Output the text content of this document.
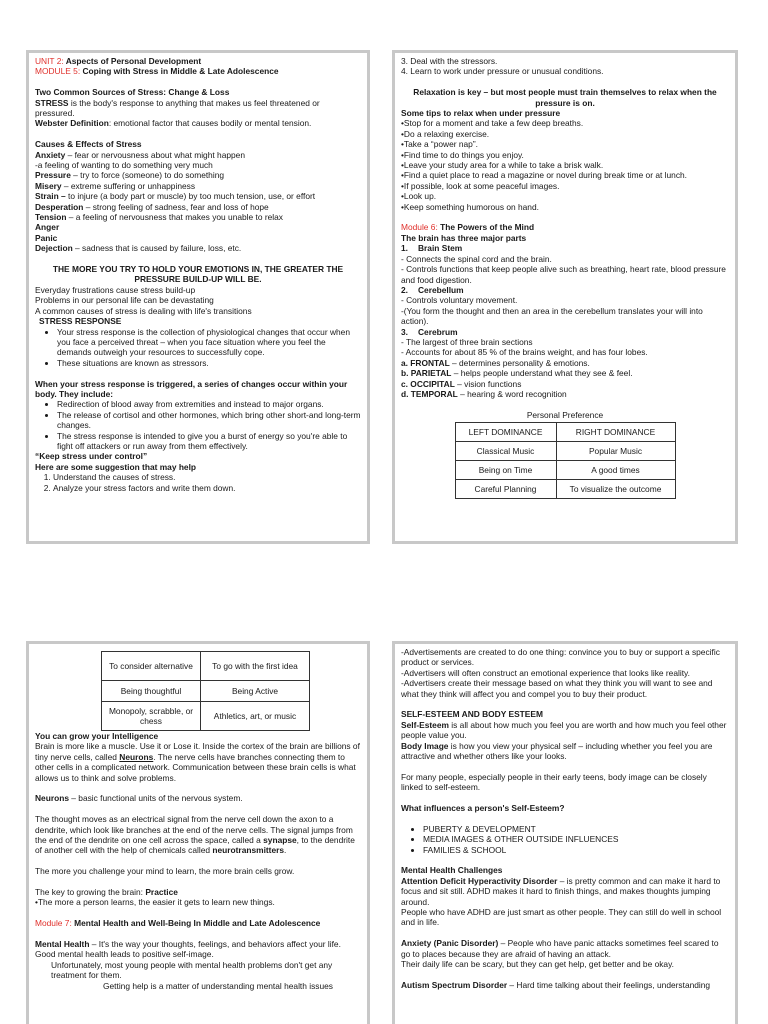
UNIT 2: Aspects of Personal Development

MODULE 5: Coping with Stress in Middle & Late Adolescence

Two Common Sources of Stress: Change & Loss

STRESS is the body's response to anything that makes us feel threatened or pressured.

Webster Definition: emotional factor that causes bodily or mental tension.

Causes & Effects of Stress

Anxiety – fear or nervousness about what might happen

-a feeling of wanting to do something very much

Pressure – try to force (someone) to do something

Misery – extreme suffering or unhappiness

Strain – to injure (a body part or muscle) by too much tension, use, or effort

Desperation – strong feeling of sadness, fear and loss of hope

Tension – a feeling of nervousness that makes you unable to relax

Anger

Panic

Dejection – sadness that is caused by failure, loss, etc.

THE MORE YOU TRY TO HOLD YOUR EMOTIONS IN, THE GREATER THE PRESSURE BUILD-UP WILL BE.

Everyday frustrations cause stress build-up

Problems in our personal life can be devastating

A common causes of stress is dealing with life's transitions

STRESS RESPONSE

• Your stress response is the collection of physiological changes that occur when you face a perceived threat – when you face situation where you feel the demands outweigh your resources to successfully cope.
• These situations are known as stressors.

When your stress response is triggered, a series of changes occur within your body. They include:

• Redirection of blood away from extremities and instead to major organs.
• The release of cortisol and other hormones, which bring other short-and long-term changes.
• The stress response is intended to give you a burst of energy so you're able to fight off attackers or run away from them effectively.

“Keep stress under control”

Here are some suggestion that may help

1. Understand the causes of stress.
2. Analyze your stress factors and write them down.

3. Deal with the stressors.

4. Learn to work under pressure or unusual conditions.

Relaxation is key – but most people must train themselves to relax when the pressure is on.

Some tips to relax when under pressure

•Stop for a moment and take a few deep breaths.

•Do a relaxing exercise.

•Take a “power nap”.

•Find time to do things you enjoy.

•Leave your study area for a while to take a brisk walk.

•Find a quiet place to read a magazine or novel during break time or at lunch.

•If possible, look at some peaceful images.

•Look up.

•Keep something humorous on hand.

Module 6: The Powers of the Mind

The brain has three major parts

1. Brain Stem

- Connects the spinal cord and the brain.

- Controls functions that keep people alive such as breathing, heart rate, blood pressure and food digestion.

2. Cerebellum

- Controls voluntary movement.

-(You form the thought and then an area in the cerebellum translates your will into action).

3. Cerebrum

- The largest of three brain sections

- Accounts for about 85 % of the brains weight, and has four lobes.

a. FRONTAL – determines personality & emotions.

b. PARIETAL – helps people understand what they see & feel.

c. OCCIPITAL – vision functions

d. TEMPORAL – hearing & word recognition

Personal Preference

LEFT DOMINANCE	RIGHT DOMINANCE
Classical Music	Popular Music
Being on Time	A good times
Careful Planning	To visualize the outcome
To consider alternative	To go with the first idea
Being thoughtful	Being Active
Monopoly, scrabble, or chess	Athletics, art, or music

You can grow your Intelligence

Brain is more like a muscle. Use it or Lose it. Inside the cortex of the brain are billions of tiny nerve cells, called Neurons. The nerve cells have branches connecting them to other cells in a complicated network. Communication between these brain cells is what allows us to think and solve problems.

Neurons – basic functional units of the nervous system.

The thought moves as an electrical signal from the nerve cell down the axon to a dendrite, which look like branches at the end of the nerve cells. The signal jumps from the end of the dendrite on one cell across the space, called a synapse, to the dendrite of another cell with the help of chemicals called neurotransmitters.

The more you challenge your mind to learn, the more brain cells grow.

The key to growing the brain: Practice

•The more a person learns, the easier it gets to learn new things.

Module 7: Mental Health and Well-Being In Middle and Late Adolescence

Mental Health – It's the way your thoughts, feelings, and behaviors affect your life. Good mental health leads to positive self-image.

Unfortunately, most young people with mental health problems don't get any treatment for them.

Getting help is a matter of understanding mental health issues

-Advertisements are created to do one thing: convince you to buy or support a specific product or services.

-Advertisers will often construct an emotional experience that looks like reality.

-Advertisers create their message based on what they think you will want to see and what they think will affect you and compel you to buy their product.

SELF-ESTEEM AND BODY ESTEEM

Self-Esteem is all about how much you feel you are worth and how much you feel other people value you.

Body Image is how you view your physical self – including whether you feel you are attractive and whether others like your looks.

For many people, especially people in their early teens, body image can be closely linked to self-esteem.

What influences a person's Self-Esteem?

• PUBERTY & DEVELOPMENT
• MEDIA IMAGES & OTHER OUTSIDE INFLUENCES
• FAMILIES & SCHOOL

Mental Health Challenges

Attention Deficit Hyperactivity Disorder – is pretty common and can make it hard to focus and sit still. ADHD makes it hard to finish things, and makes thoughts jumping around.

People who have ADHD are just smart as other people. They can still do well in school and in life.

Anxiety (Panic Disorder) – People who have panic attacks sometimes feel scared to go to places because they are afraid of having an attack.

Their daily life can be scary, but they can get help, get better and be okay.

Autism Spectrum Disorder – Hard time talking about their feelings, understanding
